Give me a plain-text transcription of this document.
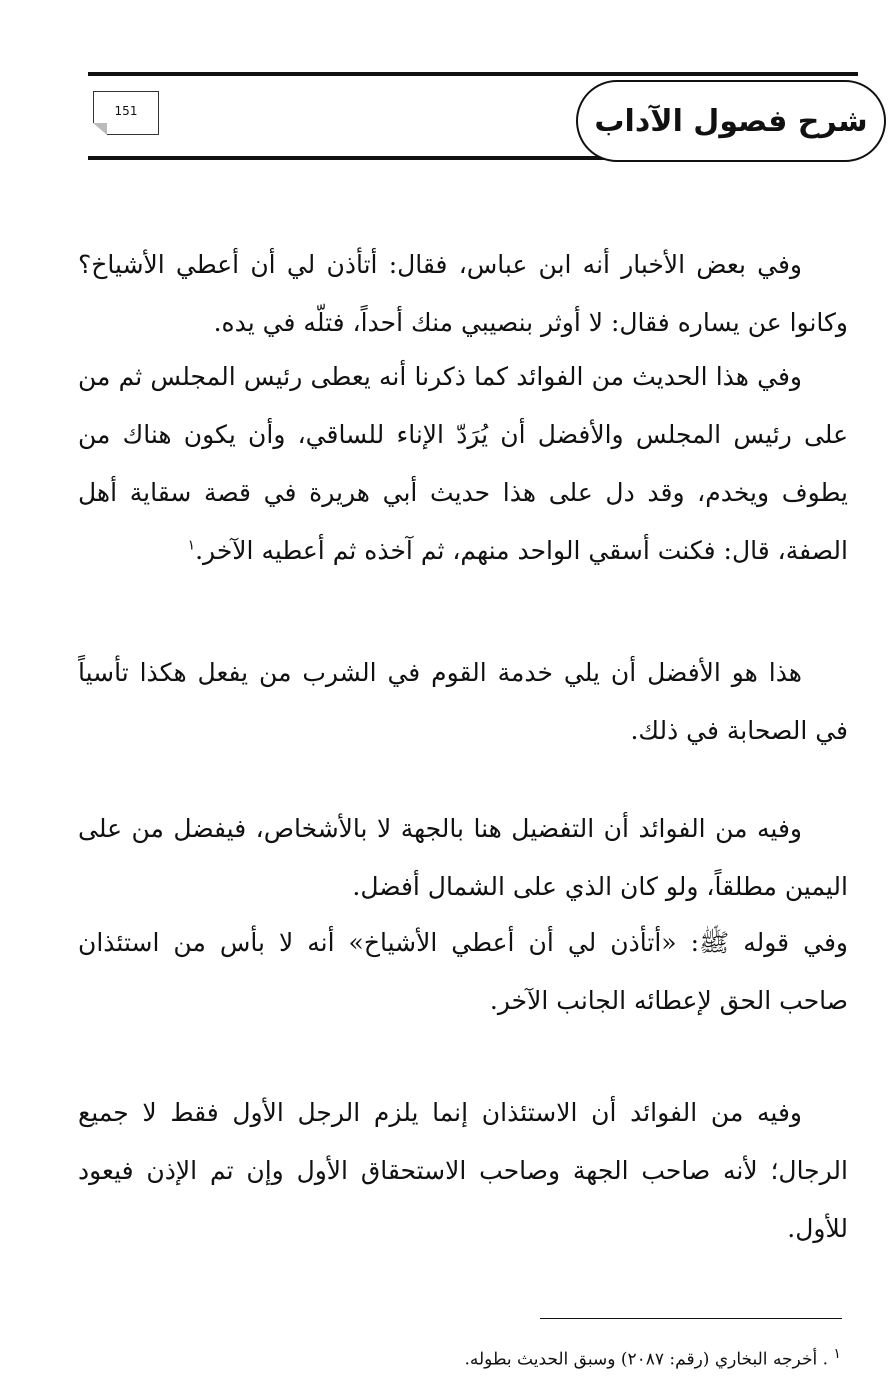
151	شرح فصول الآداب

وفي بعض الأخبار أنه ابن عباس، فقال: أتأذن لي أن أعطي الأشياخ؟ وكانوا عن يساره فقال: لا أوثر بنصيبي منك أحداً، فتلّه في يده.

وفي هذا الحديث من الفوائد كما ذكرنا أنه يعطى رئيس المجلس ثم من على رئيس المجلس والأفضل أن يُرَدّ الإناء للساقي، وأن يكون هناك من يطوف ويخدم، وقد دل على هذا حديث أبي هريرة في قصة سقاية أهل الصفة، قال: فكنت أسقي الواحد منهم، ثم آخذه ثم أعطيه الآخر.$^١$

هذا هو الأفضل أن يلي خدمة القوم في الشرب من يفعل هكذا تأسياً في الصحابة في ذلك.

وفيه من الفوائد أن التفضيل هنا بالجهة لا بالأشخاص، فيفضل من على اليمين مطلقاً، ولو كان الذي على الشمال أفضل.

وفي قوله ﷺ: «أتأذن لي أن أعطي الأشياخ» أنه لا بأس من استئذان صاحب الحق لإعطائه الجانب الآخر.

وفيه من الفوائد أن الاستئذان إنما يلزم الرجل الأول فقط لا جميع الرجال؛ لأنه صاحب الجهة وصاحب الاستحقاق الأول وإن تم الإذن فيعود للأول.

$^١$ . أخرجه البخاري (رقم: ٢٠٨٧) وسبق الحديث بطوله.
